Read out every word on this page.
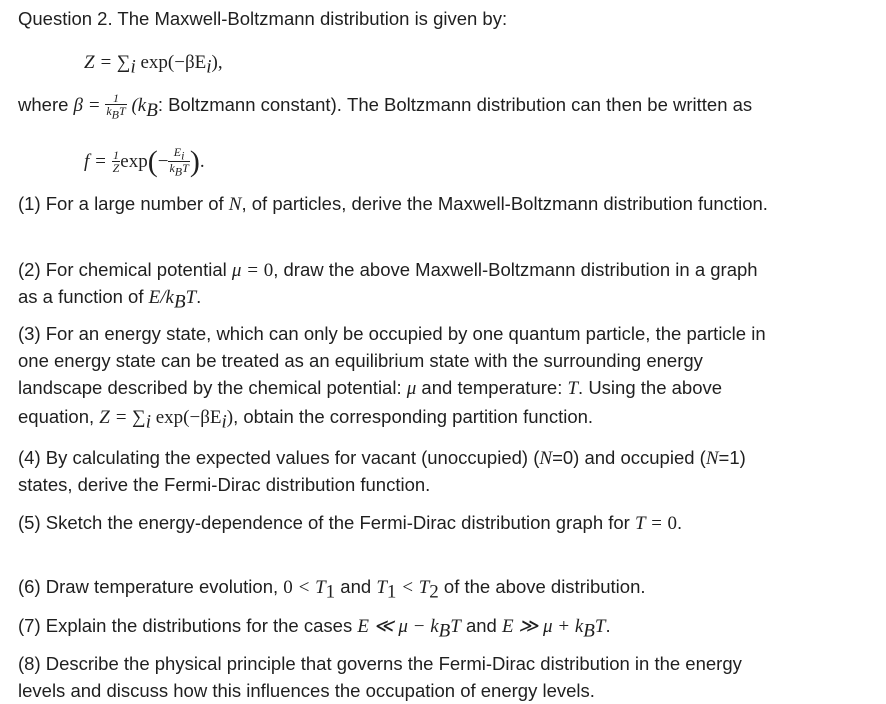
Question 2. The Maxwell-Boltzmann distribution is given by:
$Z = \sum_i$ $\exp(-\beta E_i)$,
where $\beta = \frac{1}{k_BT} (k_B$: Boltzmann constant). The Boltzmann distribution can then be written as
$f = \frac{1}{Z} \exp(- \frac{E_i}{k_BT}$ ).
(1) For a large number of N, of particles, derive the Maxwell-Boltzmann distribution function.
(2) For chemical potential μ = 0, draw the above Maxwell-Boltzmann distribution in a graph
as a function of $E/k_BT$.
(3) For an energy state, which can only be occupied by one quantum particle, the particle in
one energy state can be treated as an equilibrium state with the surrounding energy
landscape described by the chemical potential: μ and temperature: T. Using the above
equation, $Z = \sum_i$ $\exp(-\beta E_i)$, obtain the corresponding partition function.
(4) By calculating the expected values for vacant (unoccupied) (N=0) and occupied (N=1)
states, derive the Fermi-Dirac distribution function.
(5) Sketch the energy-dependence of the Fermi-Dirac distribution graph for T = 0.
(6) Draw temperature evolution, $0 < T_1$ and $T_1 < T_2$ of the above distribution.
(7) Explain the distributions for the cases E ≪ $\mu - k_BT$ and E ≫ $\mu + k_BT$.
(8) Describe the physical principle that governs the Fermi-Dirac distribution in the energy
levels and discuss how this influences the occupation of energy levels.
